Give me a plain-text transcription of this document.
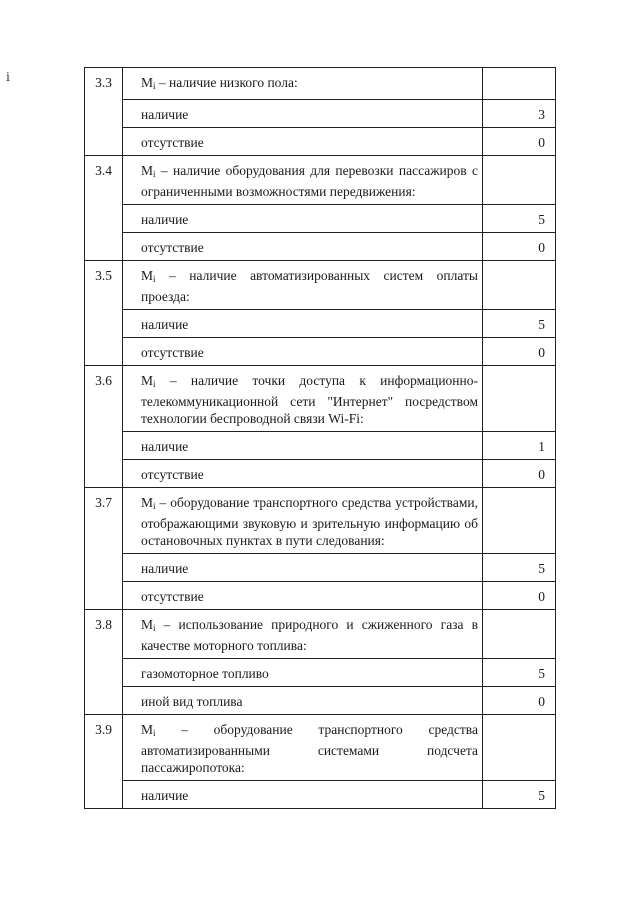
ⅰ	3.3	$M_i$ – наличие низкого пола:	
	наличие	3
	отсутствие	0
3.4	$M_i$ – наличие оборудования для перевозки пассажиров с ограниченными возможностями передвижения:	
	наличие	5
	отсутствие	0
3.5	$M_i$ – наличие автоматизированных систем оплаты проезда:	
	наличие	5
	отсутствие	0
3.6	$M_i$ – наличие точки доступа к информационно-телекоммуникационной сети "Интернет" посредством технологии беспроводной связи Wi-Fi:	
	наличие	1
	отсутствие	0
3.7	$M_i$ – оборудование транспортного средства устройствами, отображающими звуковую и зрительную информацию об остановочных пунктах в пути следования:	
	наличие	5
	отсутствие	0
3.8	$M_i$ – использование природного и сжиженного газа в качестве моторного топлива:	
	газомоторное топливо	5
	иной вид топлива	0
3.9	$M_i$ – оборудование транспортного средства автоматизированными системами подсчета пассажиропотока:	
	наличие	5
